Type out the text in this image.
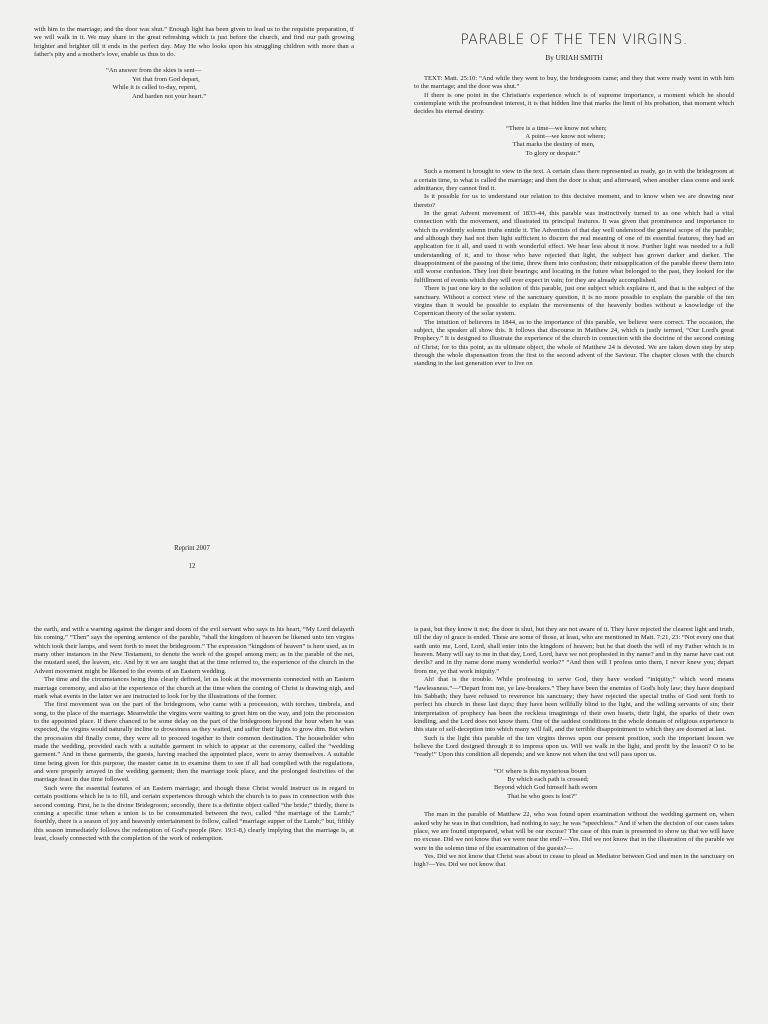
with him to the marriage; and the door was shut.” Enough light has been given to lead us to the requisite preparation, if we will walk in it. We may share in the great refreshing which is just before the church, and find our path growing brighter and brighter till it ends in the perfect day. May He who looks upon his struggling children with more than a father's pity and a mother's love, enable us thus to do.

“An answer from the skies is sent—
Yet that from God depart,
While it is called to-day, repent,
And harden not your heart.”
Reprint 2007
12
PARABLE OF THE TEN VIRGINS.
By URIAH SMITH

TEXT: Matt. 25:10: “And while they went to buy, the bridegroom came; and they that were ready went in with him to the marriage; and the door was shut.”

If there is one point in the Christian's experience which is of supreme importance, a moment which he should contemplate with the profoundest interest, it is that hidden line that marks the limit of his probation, that moment which decides his eternal destiny.

“There is a time—we know not when;
A point—we know not where;
That marks the destiny of men,
To glory or despair.”

Such a moment is brought to view in the text. A certain class there represented as ready, go in with the bridegroom at a certain time, to what is called the marriage; and then the door is shut; and afterward, when another class come and seek admittance, they cannot find it.

Is it possible for us to understand our relation to this decisive moment, and to know when we are drawing near thereto?

In the great Advent movement of 1833-44, this parable was instinctively turned to as one which had a vital connection with the movement, and illustrated its principal features. It was given that prominence and importance to which its evidently solemn truths entitle it. The Adventists of that day well understood the general scope of the parable; and although they had not then light sufficient to discern the real meaning of one of its essential features, they had an application for it all, and used it with wonderful effect. We hear less about it now. Further light was needed to a full understanding of it, and to those who have rejected that light, the subject has grown darker and darker. The disappointment of the passing of the time, threw them into confusion; their misapplication of the parable threw them into still worse confusion. They lost their bearings; and locating in the future what belonged to the past, they looked for the fulfillment of events which they will ever expect in vain; for they are already accomplished.

There is just one key to the solution of this parable, just one subject which explains it, and that is the subject of the sanctuary. Without a correct view of the sanctuary question, it is no more possible to explain the parable of the ten virgins than it would be possible to explain the movements of the heavenly bodies without a knowledge of the Copernican theory of the solar system.

The intuition of believers in 1844, as to the importance of this parable, we believe were correct. The occasion, the subject, the speaker all show this. It follows that discourse in Matthew 24, which is justly termed, “Our Lord's great Prophecy.” It is designed to illustrate the experience of the church in connection with the doctrine of the second coming of Christ; for to this point, as its ultimate object, the whole of Matthew 24 is devoted. We are taken down step by step through the whole dispensation from the first to the second advent of the Saviour. The chapter closes with the church standing in the last generation ever to live on

the earth, and with a warning against the danger and doom of the evil servant who says in his heart, “My Lord delayeth his coming.” “Then” says the opening sentence of the parable, “shall the kingdom of heaven be likened unto ten virgins which took their lamps, and went forth to meet the bridegroom.” The expression “kingdom of heaven” is here used, as in many other instances in the New Testament, to denote the work of the gospel among men; as in the parable of the net, the mustard seed, the leaven, etc. And by it we are taught that at the time referred to, the experience of the church in the Advent movement might be likened to the events of an Eastern wedding.

The time and the circumstances being thus clearly defined, let us look at the movements connected with an Eastern marriage ceremony, and also at the experience of the church at the time when the coming of Christ is drawing nigh, and mark what events in the latter we are instructed to look for by the illustrations of the former.

The first movement was on the part of the bridegroom, who came with a procession, with torches, timbrels, and song, to the place of the marriage. Meanwhile the virgins were waiting to greet him on the way, and join the procession to the appointed place. If there chanced to be some delay on the part of the bridegroom beyond the hour when he was expected, the virgins would naturally incline to drowsiness as they waited, and suffer their lights to grow dim. But when the procession did finally come, they were all to proceed together to their common destination. The householder who made the wedding, provided each with a suitable garment in which to appear at the ceremony, called the “wedding garment.” And in these garments, the guests, having reached the appointed place, were to array themselves. A suitable time being given for this purpose, the master came in to examine them to see if all had complied with the regulations, and were properly arrayed in the wedding garment; then the marriage took place, and the prolonged festivities of the marriage feast in due time followed.

Such were the essential features of an Eastern marriage; and though these Christ would instruct us in regard to certain positions which he is to fill, and certain experiences through which the church is to pass in connection with this second coming. First, he is the divine Bridegroom; secondly, there is a definite object called “the bride;” thirdly, there is coming a specific time when a union is to be consummated between the two, called “the marriage of the Lamb;” fourthly, there is a season of joy and heavenly entertainment to follow, called “marriage supper of the Lamb;” but, fifthly this season immediately follows the redemption of God's people (Rev. 19:1-8,) clearly implying that the marriage is, at least, closely connected with the completion of the work of redemption.

is past, but they know it not; the door is shut, but they are not aware of it. They have rejected the clearest light and truth, till the day of grace is ended. These are some of those, at least, who are mentioned in Matt. 7:21, 23: “Not every one that saith unto me, Lord, Lord, shall enter into the kingdom of heaven; but he that doeth the will of my Father which is in heaven. Many will say to me in that day, Lord, Lord, have we not prophesied in thy name? and in thy name have cast out devils? and in thy name done many wonderful works?” “And then will I profess unto them, I never knew you; depart from me, ye that work iniquity.”

Ah! that is the trouble. While professing to serve God, they have worked “iniquity;” which word means “lawlessness.”—“Depart from me, ye law-breakers.” They have been the enemies of God's holy law; they have despised his Sabbath; they have refused to reverence his sanctuary; they have rejected the special truths of God sent forth to perfect his church in these last days; they have been willfully blind to the light, and the willing servants of sin; their interpretation of prophecy has been the reckless imaginings of their own hearts, their light, the sparks of their own kindling, and the Lord does not know them. One of the saddest conditions in the whole domain of religious experience is this state of self-deception into which many will fall, and the terrible disappointment to which they are doomed at last.

Such is the light this parable of the ten virgins throws upon our present position, such the important lesson we believe the Lord designed through it to impress upon us. Will we walk in the light, and profit by the lesson? O to be “ready!” Upon this condition all depends; and we know not when the test will pass upon us.

“O! where is this mysterious bourn
By which each path is crossed;
Beyond which God himself hath sworn
That he who goes is lost?”

The man in the parable of Matthew 22, who was found upon examination without the wedding garment on, when asked why he was in that condition, had nothing to say; he was “speechless.” And if when the decision of our cases takes place, we are found unprepared, what will be our excuse? The case of this man is presented to show us that we will have no excuse. Did we not know that we were near the end?—Yes. Did we not know that in the illustration of the parable we were in the solemn time of the examination of the guests?—

Yes. Did we not know that Christ was about to cease to plead as Mediator between God and men in the sanctuary on high?—Yes. Did we not know that
